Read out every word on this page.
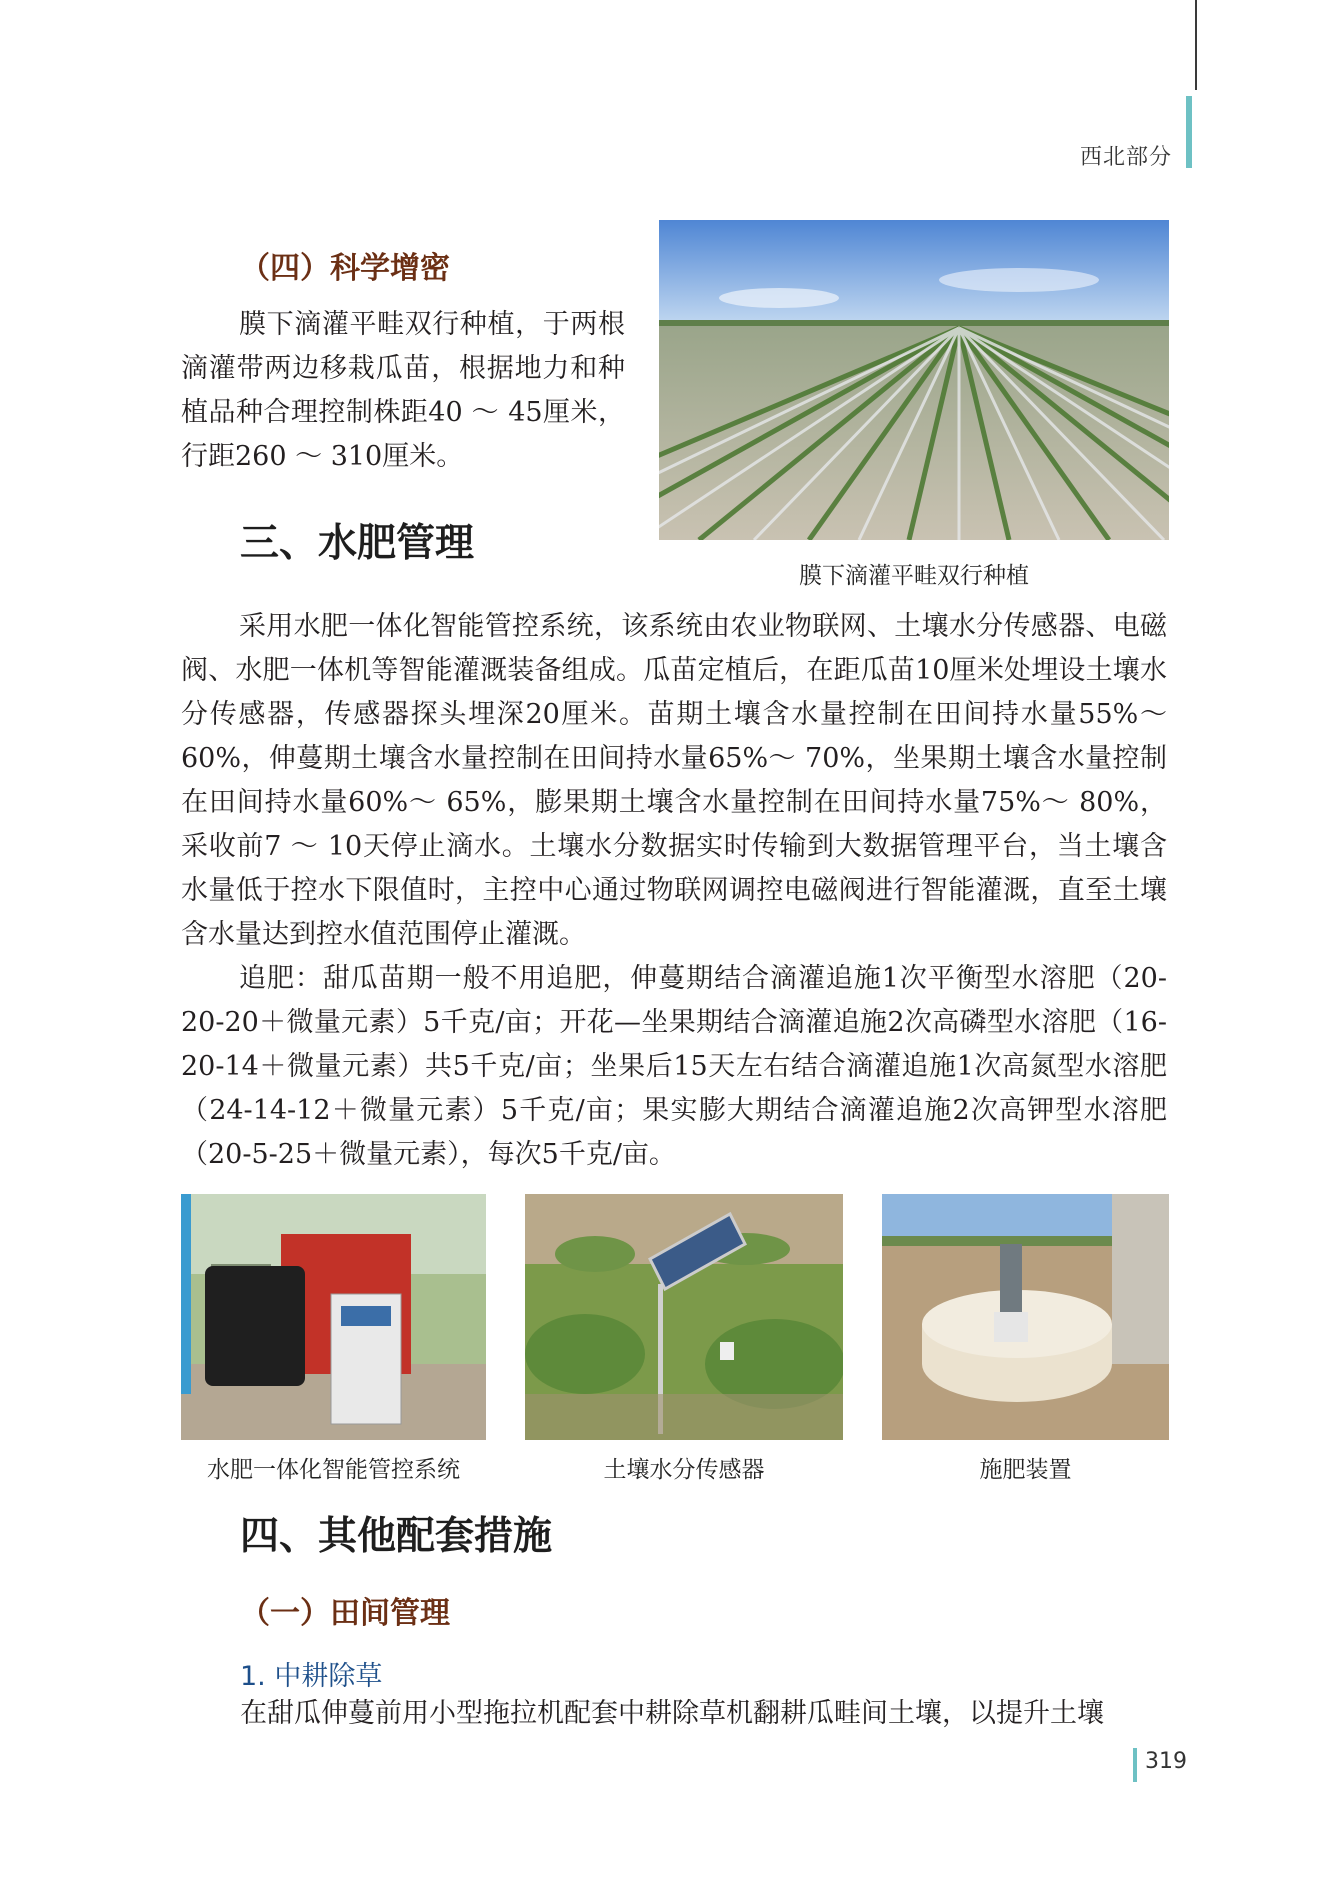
西北部分
（四）科学增密
膜下滴灌平畦双行种植，于两根滴灌带两边移栽瓜苗，根据地力和种植品种合理控制株距40 ～ 45厘米，行距260 ～ 310厘米。
膜下滴灌平畦双行种植
三、水肥管理
采用水肥一体化智能管控系统，该系统由农业物联网、土壤水分传感器、电磁阀、水肥一体机等智能灌溉装备组成。瓜苗定植后，在距瓜苗10厘米处埋设土壤水分传感器，传感器探头埋深20厘米。苗期土壤含水量控制在田间持水量55%～ 60%，伸蔓期土壤含水量控制在田间持水量65%～ 70%，坐果期土壤含水量控制在田间持水量60%～ 65%，膨果期土壤含水量控制在田间持水量75%～ 80%，采收前7 ～ 10天停止滴水。土壤水分数据实时传输到大数据管理平台，当土壤含水量低于控水下限值时，主控中心通过物联网调控电磁阀进行智能灌溉，直至土壤含水量达到控水值范围停止灌溉。
追肥：甜瓜苗期一般不用追肥，伸蔓期结合滴灌追施1次平衡型水溶肥（20-20-20＋微量元素）5千克/亩；开花—坐果期结合滴灌追施2次高磷型水溶肥（16-20-14＋微量元素）共5千克/亩；坐果后15天左右结合滴灌追施1次高氮型水溶肥（24-14-12＋微量元素）5千克/亩；果实膨大期结合滴灌追施2次高钾型水溶肥（20-5-25＋微量元素），每次5千克/亩。
水肥一体化智能管控系统	土壤水分传感器	施肥装置
四、其他配套措施
（一）田间管理
1. 中耕除草
在甜瓜伸蔓前用小型拖拉机配套中耕除草机翻耕瓜畦间土壤，以提升土壤
319
